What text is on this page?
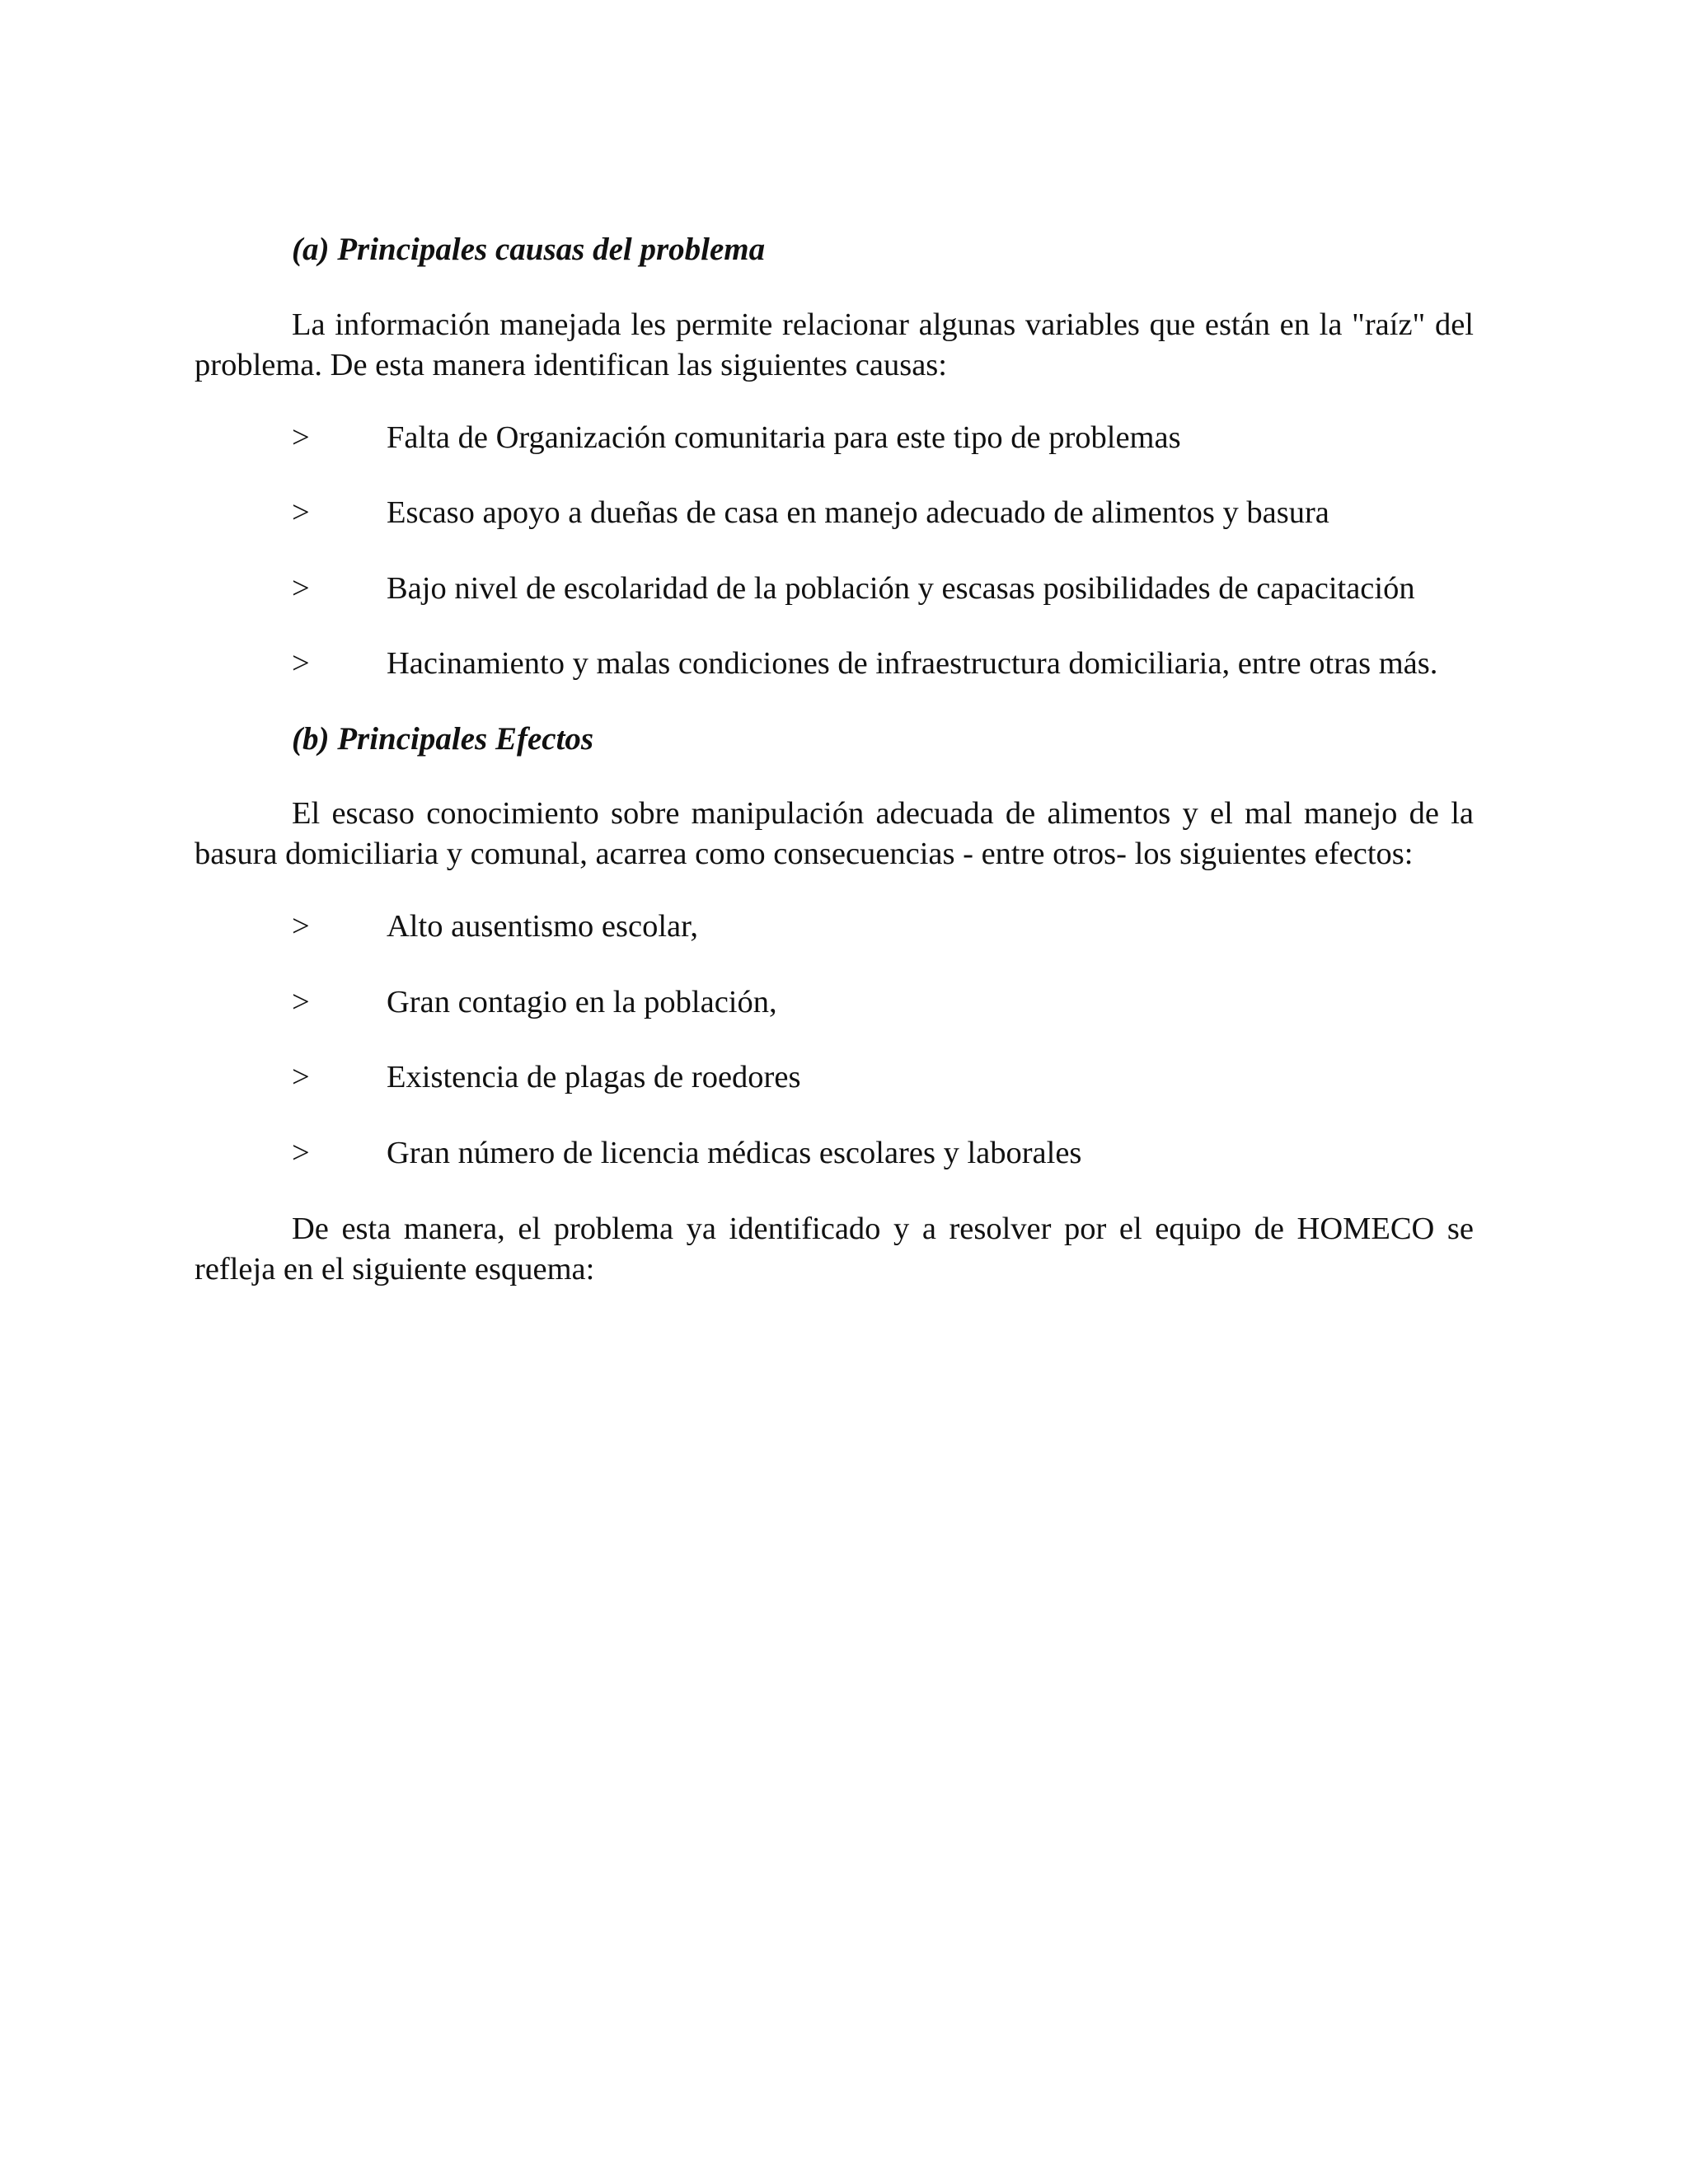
(a) Principales causas del problema

La información manejada les permite relacionar algunas variables que están en la "raíz" del problema. De esta manera identifican las siguientes causas:

> Falta de Organización comunitaria para este tipo de problemas
> Escaso apoyo a dueñas de casa en manejo adecuado de alimentos y basura
> Bajo nivel de escolaridad de la población y escasas posibilidades de capacitación
> Hacinamiento y malas condiciones de infraestructura domiciliaria, entre otras más.
(b) Principales Efectos

El escaso conocimiento sobre manipulación adecuada de alimentos y el mal manejo de la basura domiciliaria y comunal, acarrea como consecuencias - entre otros- los siguientes efectos:

> Alto ausentismo escolar,
> Gran contagio en la población,
> Existencia de plagas de roedores
> Gran número de licencia médicas escolares y laborales

De esta manera, el problema ya identificado y a resolver por el equipo de HOMECO se refleja en el siguiente esquema:
